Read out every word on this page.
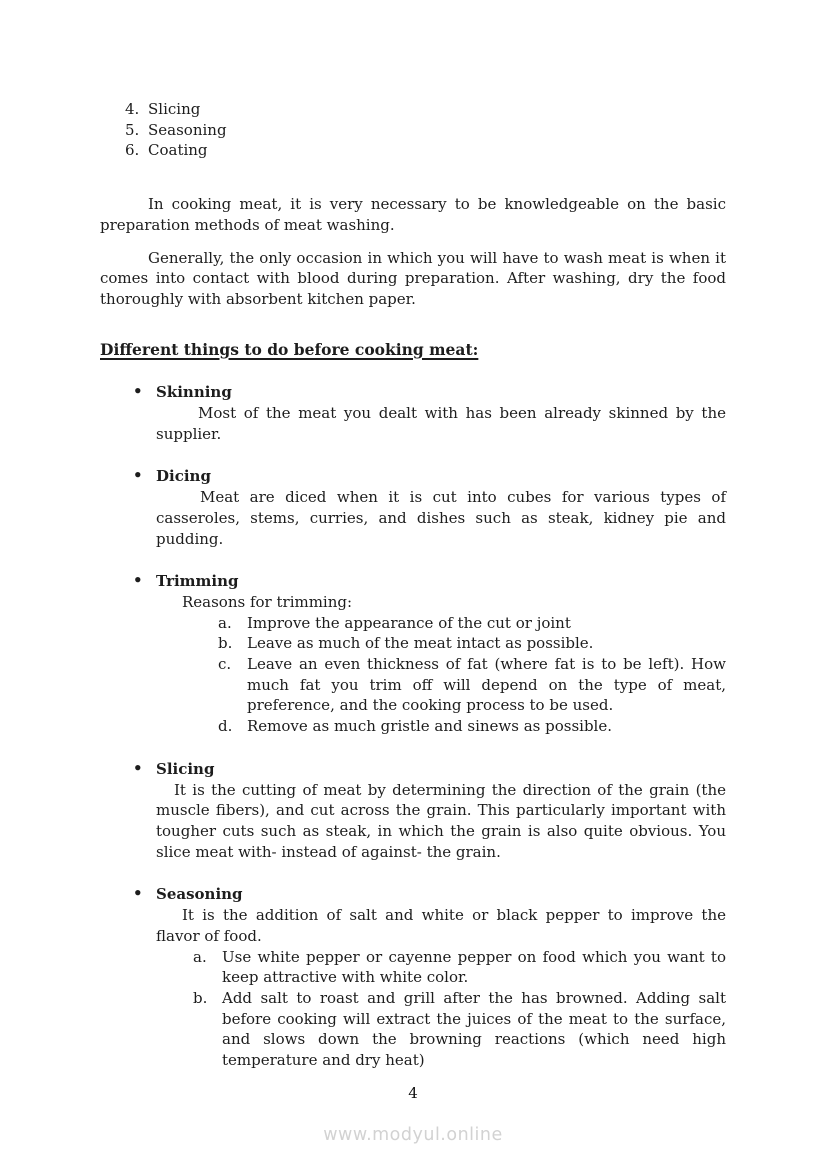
4. Slicing
5. Seasoning
6. Coating

In cooking meat, it is very necessary to be knowledgeable on the basic preparation methods of meat washing.

Generally, the only occasion in which you will have to wash meat is when it comes into contact with blood during preparation. After washing, dry the food thoroughly with absorbent kitchen paper.

Different things to do before cooking meat:
• Skinning
Most of the meat you dealt with has been already skinned by the supplier.
• Dicing
Meat are diced when it is cut into cubes for various types of casseroles, stems, curries, and dishes such as steak, kidney pie and pudding.
• Trimming
Reasons for trimming:
a.	Improve the appearance of the cut or joint
b. Leave as much of the meat intact as possible.
c.	Leave an even thickness of fat (where fat is to be left). How much fat you trim off will depend on the type of meat, preference, and the cooking process to be used.
d. Remove as much gristle and sinews as possible.
• Slicing
It is the cutting of meat by determining the direction of the grain (the muscle fibers), and cut across the grain. This particularly important with tougher cuts such as steak, in which the grain is also quite obvious. You slice meat with- instead of against- the grain.
• Seasoning
It is the addition of salt and white or black pepper to improve the flavor of food.
a.	Use white pepper or cayenne pepper on food which you want to keep attractive with white color.
b. Add salt to roast and grill after the has browned. Adding salt before cooking will extract the juices of the meat to the surface, and slows down the browning reactions (which need high temperature and dry heat)
4
www.modyul.online
